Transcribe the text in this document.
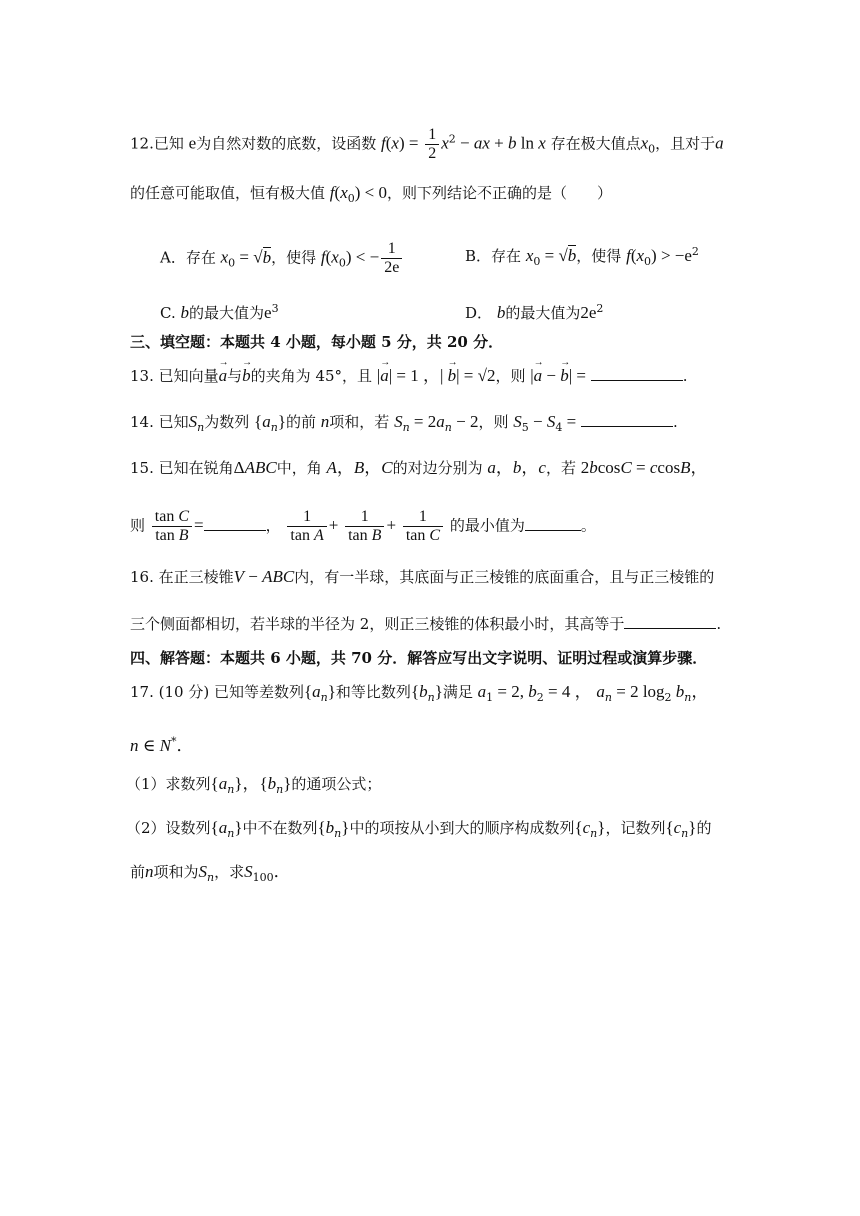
12.已知 e为自然对数的底数，设函数 $f(x) = \frac{1}{2} x^2$ − ax + b ln x 存在极大值点$x_0$，且对于a
的任意可能取值，恒有极大值 $f(x_0) < 0$，则下列结论不正确的是（　　）
A．存在 $x_0 = √b$，使得 $f(x_0)$ < − $\frac{1}{2e}$	B．存在 $x_0 = √b$，使得 $f(x_0) > -e^2$
C. b的最大值为$e^3$	D． b的最大值为$2e^2$
三、填空题：本题共 4 小题，每小题 5 分，共 20 分．
13. 已知向量→ a与→ b的夹角为 45°，且 |→ a| = 1 ，| → b| = √2，则 |→ a − → b| =	.
14. 已知$S_n$为数列 $\{a_n\}$的前 n项和，若 $S_n = 2a_n - 2$，则 $S_5 - S_4$ =	.
15. 已知在锐角ΔABC中，角 A，B，C的对边分别为 a，b，c，若 2bcosC = ccosB，
则 $\frac{\text{tan C}}{\text{tan B}}$ =	， $\frac{1}{\text{tan A}} + \frac{1}{\text{tan B}} + \frac{1}{\text{tan C}}$ 的最小值为	。
16. 在正三棱锥V − ABC内，有一半球，其底面与正三棱锥的底面重合，且与正三棱锥的
三个侧面都相切，若半球的半径为 2，则正三棱锥的体积最小时，其高等于	.
四、解答题：本题共 6 小题，共 70 分．解答应写出文字说明、证明过程或演算步骤．
17. (10 分) 已知等差数列$\{a_n\}$和等比数列$\{b_n\}$满足 $a_1 = 2$, $b_2 = 4$ ， $a_n = 2$ $\log_2 b_n$，
n ∈ N*．
（1）求数列$\{a_n\}$，$\{b_n\}$的通项公式；
（2）设数列$\{a_n\}$中不在数列$\{b_n\}$中的项按从小到大的顺序构成数列$\{c_n\}$，记数列$\{c_n\}$的
前n项和为$S_n$，求$S_{100}$．
